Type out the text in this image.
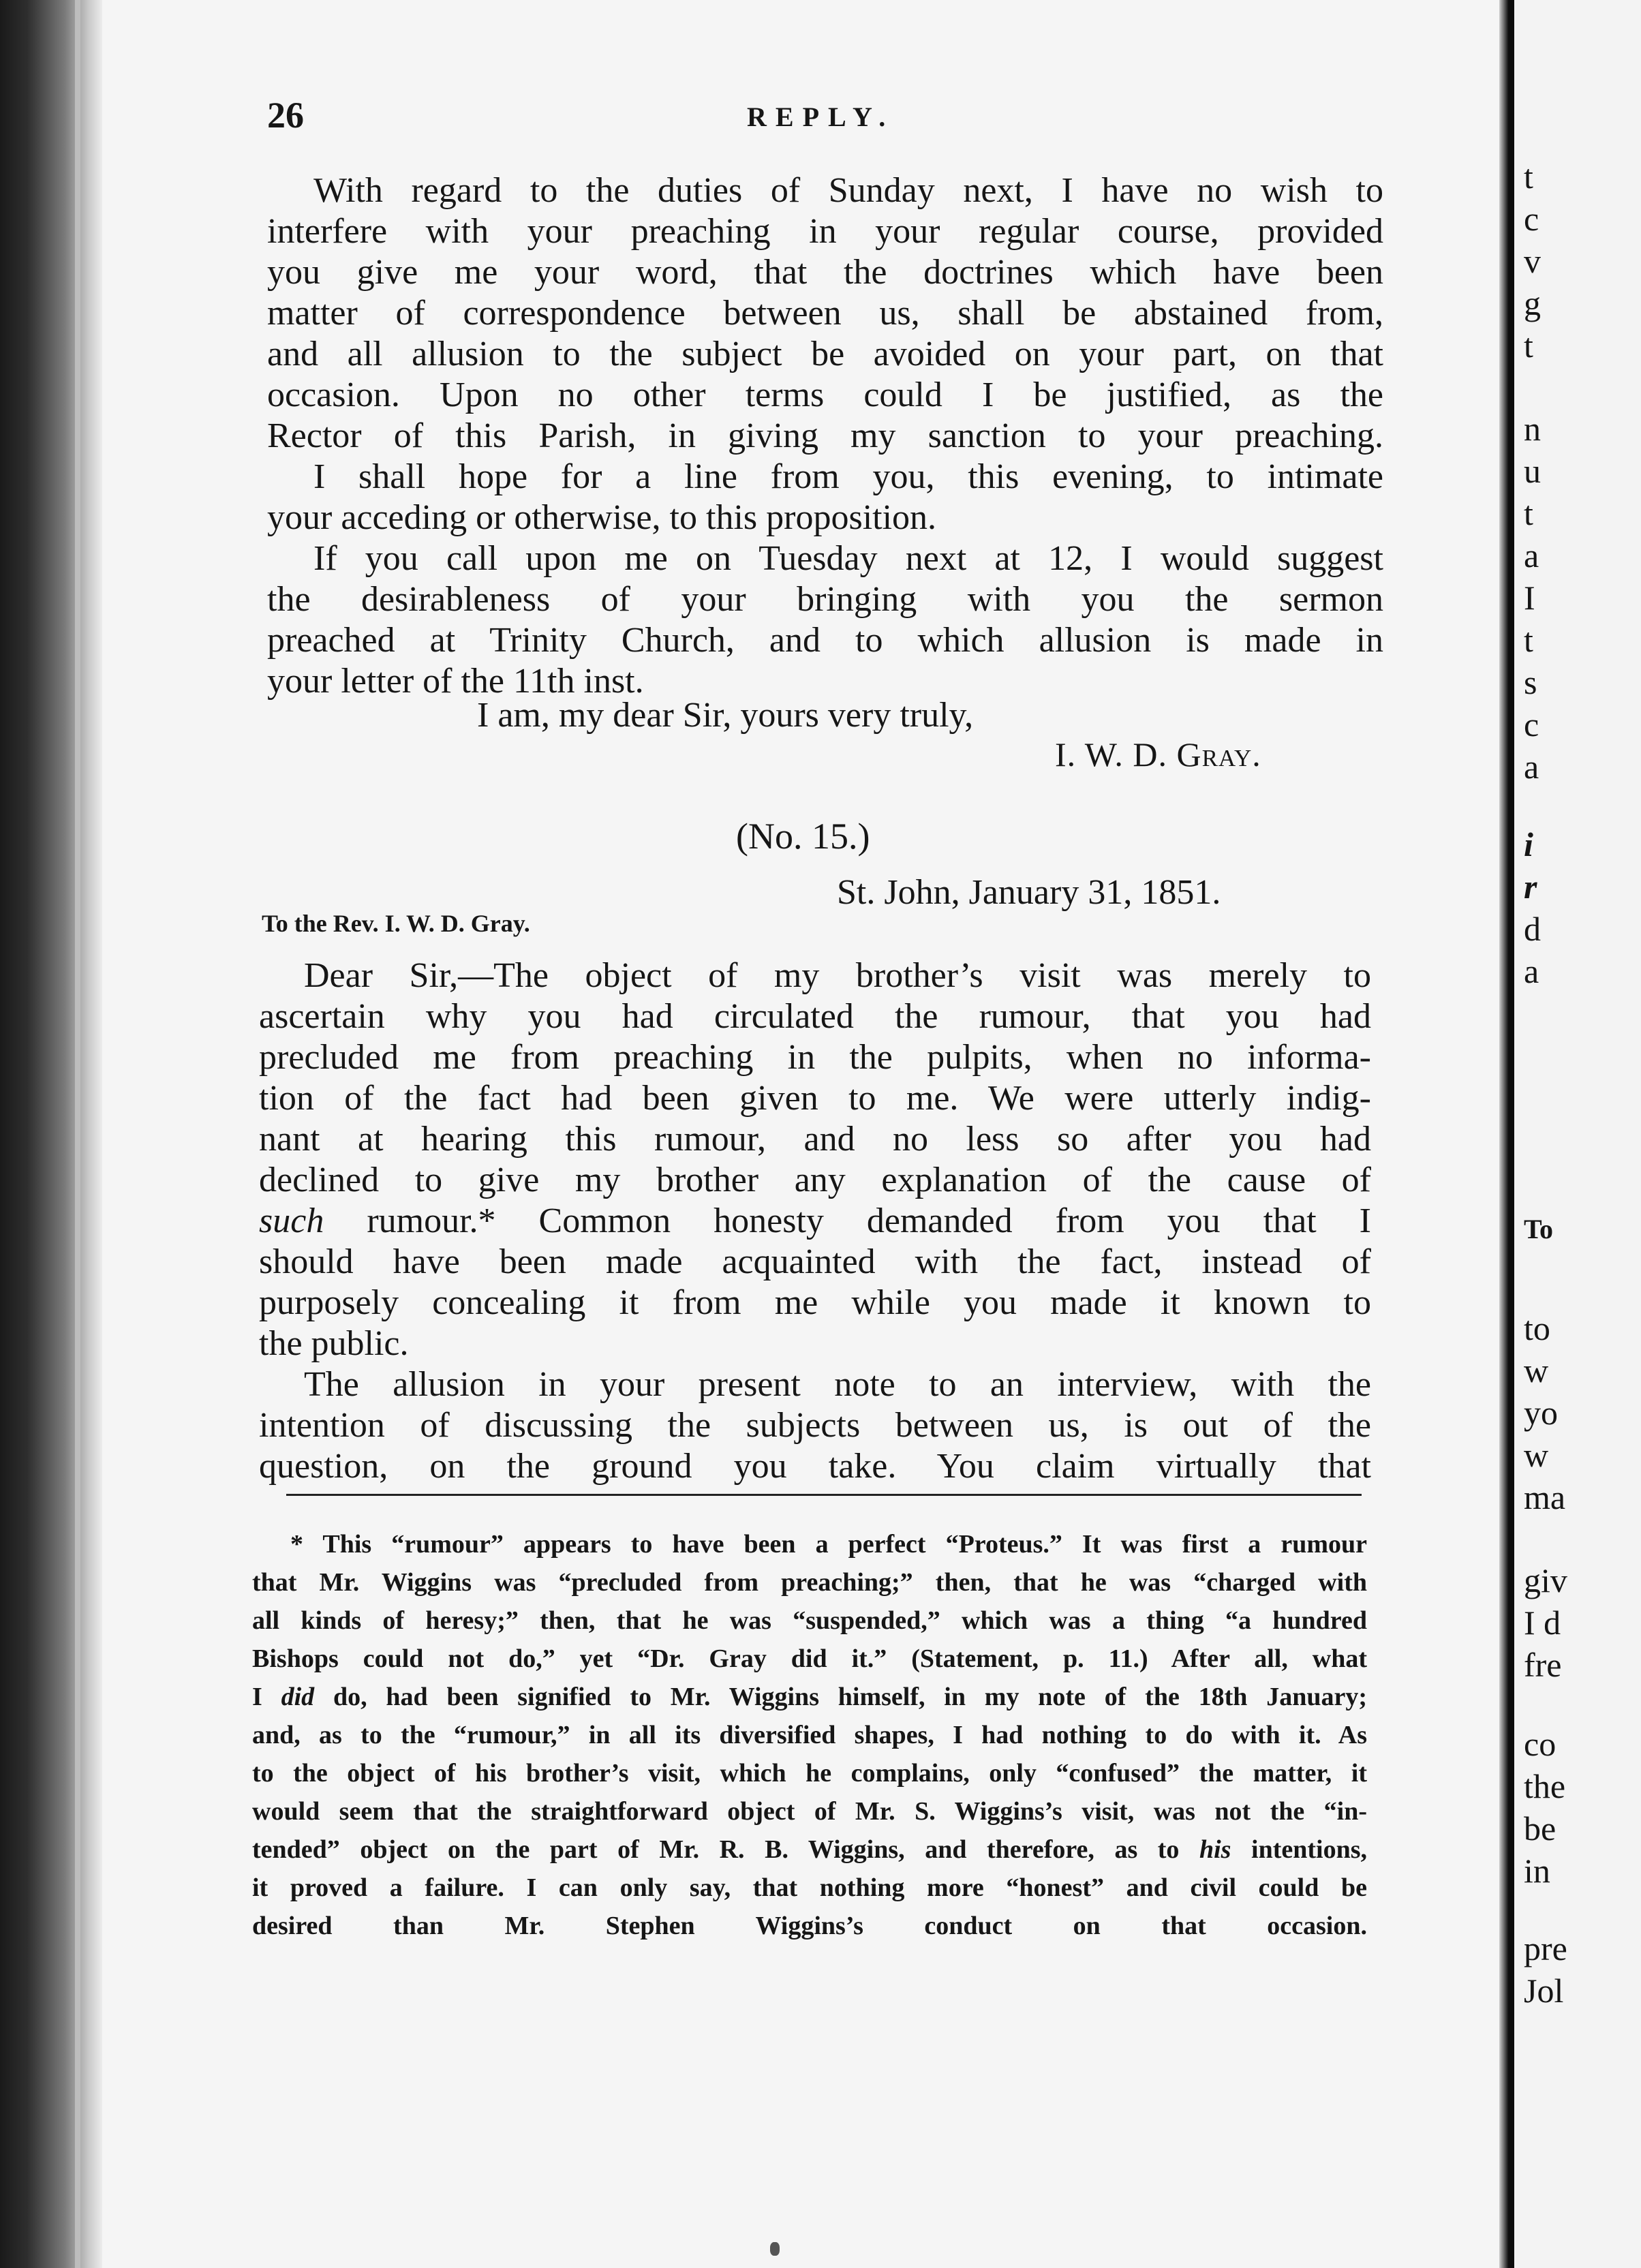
t
c
v
g
t
n
u
t
a
I
t
s
c
a
i
r
d
a
To
to
w
yo
w
ma
giv
I d
fre
co
the
be
in
pre
Jol
26	REPLY.
With regard to the duties of Sunday next, I have no wish to
interfere with your preaching in your regular course, provided
you give me your word, that the doctrines which have been
matter of correspondence between us, shall be abstained from,
and all allusion to the subject be avoided on your part, on that
occasion. Upon no other terms could I be justified, as the
Rector of this Parish, in giving my sanction to your preaching.
I shall hope for a line from you, this evening, to intimate
your acceding or otherwise, to this proposition.
If you call upon me on Tuesday next at 12, I would suggest
the desirableness of your bringing with you the sermon
preached at Trinity Church, and to which allusion is made in
your letter of the 11th inst.
I am, my dear Sir, yours very truly,
I. W. D. Gray.
(No. 15.)
St. John, January 31, 1851.
To the Rev. I. W. D. Gray.
Dear Sir,—The object of my brother’s visit was merely to
ascertain why you had circulated the rumour, that you had
precluded me from preaching in the pulpits, when no informa-
tion of the fact had been given to me. We were utterly indig-
nant at hearing this rumour, and no less so after you had
declined to give my brother any explanation of the cause of
such rumour.* Common honesty demanded from you that I
should have been made acquainted with the fact, instead of
purposely concealing it from me while you made it known to
the public.
The allusion in your present note to an interview, with the
intention of discussing the subjects between us, is out of the
question, on the ground you take. You claim virtually that
* This “rumour” appears to have been a perfect “Proteus.” It was first a rumour
that Mr. Wiggins was “precluded from preaching;” then, that he was “charged with
all kinds of heresy;” then, that he was “suspended,” which was a thing “a hundred
Bishops could not do,” yet “Dr. Gray did it.” (Statement, p. 11.) After all, what
I did do, had been signified to Mr. Wiggins himself, in my note of the 18th January;
and, as to the “rumour,” in all its diversified shapes, I had nothing to do with it. As
to the object of his brother’s visit, which he complains, only “confused” the matter, it
would seem that the straightforward object of Mr. S. Wiggins’s visit, was not the “in-
tended” object on the part of Mr. R. B. Wiggins, and therefore, as to his intentions,
it proved a failure. I can only say, that nothing more “honest” and civil could be
desired than Mr. Stephen Wiggins’s conduct on that occasion.
